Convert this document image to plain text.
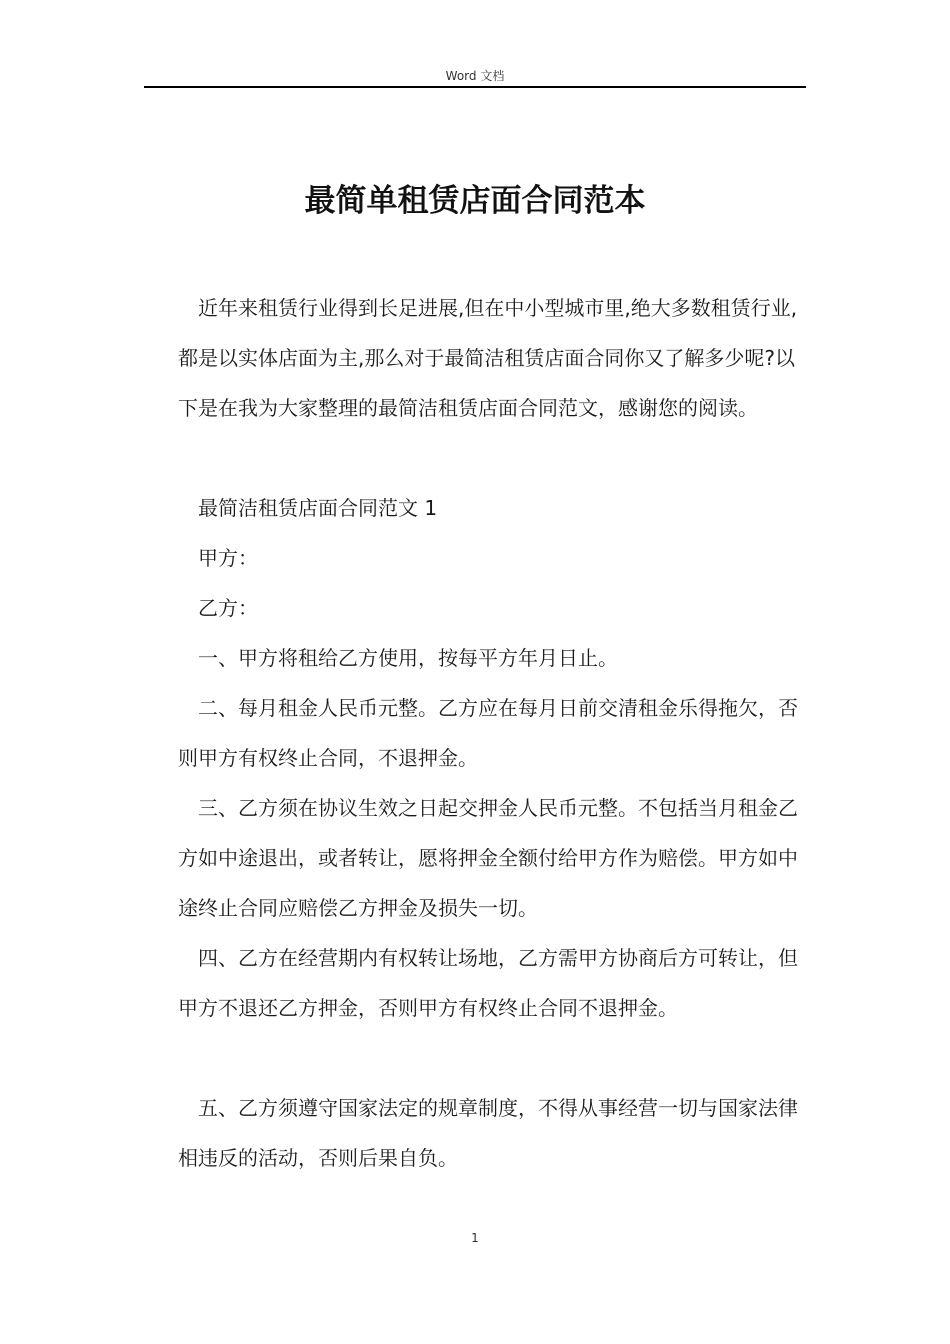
Word 文档
最简单租赁店面合同范本

近年来租赁行业得到长足进展,但在中小型城市里,绝大多数租赁行业,都是以实体店面为主,那么对于最简洁租赁店面合同你又了解多少呢?以下是在我为大家整理的最简洁租赁店面合同范文，感谢您的阅读。

最简洁租赁店面合同范文 1

甲方：

乙方：

一、甲方将租给乙方使用，按每平方年月日止。

二、每月租金人民币元整。乙方应在每月日前交清租金乐得拖欠，否则甲方有权终止合同，不退押金。

三、乙方须在协议生效之日起交押金人民币元整。不包括当月租金乙方如中途退出，或者转让，愿将押金全额付给甲方作为赔偿。甲方如中途终止合同应赔偿乙方押金及损失一切。

四、乙方在经营期内有权转让场地，乙方需甲方协商后方可转让，但甲方不退还乙方押金，否则甲方有权终止合同不退押金。

五、乙方须遵守国家法定的规章制度，不得从事经营一切与国家法律相违反的活动，否则后果自负。

1
